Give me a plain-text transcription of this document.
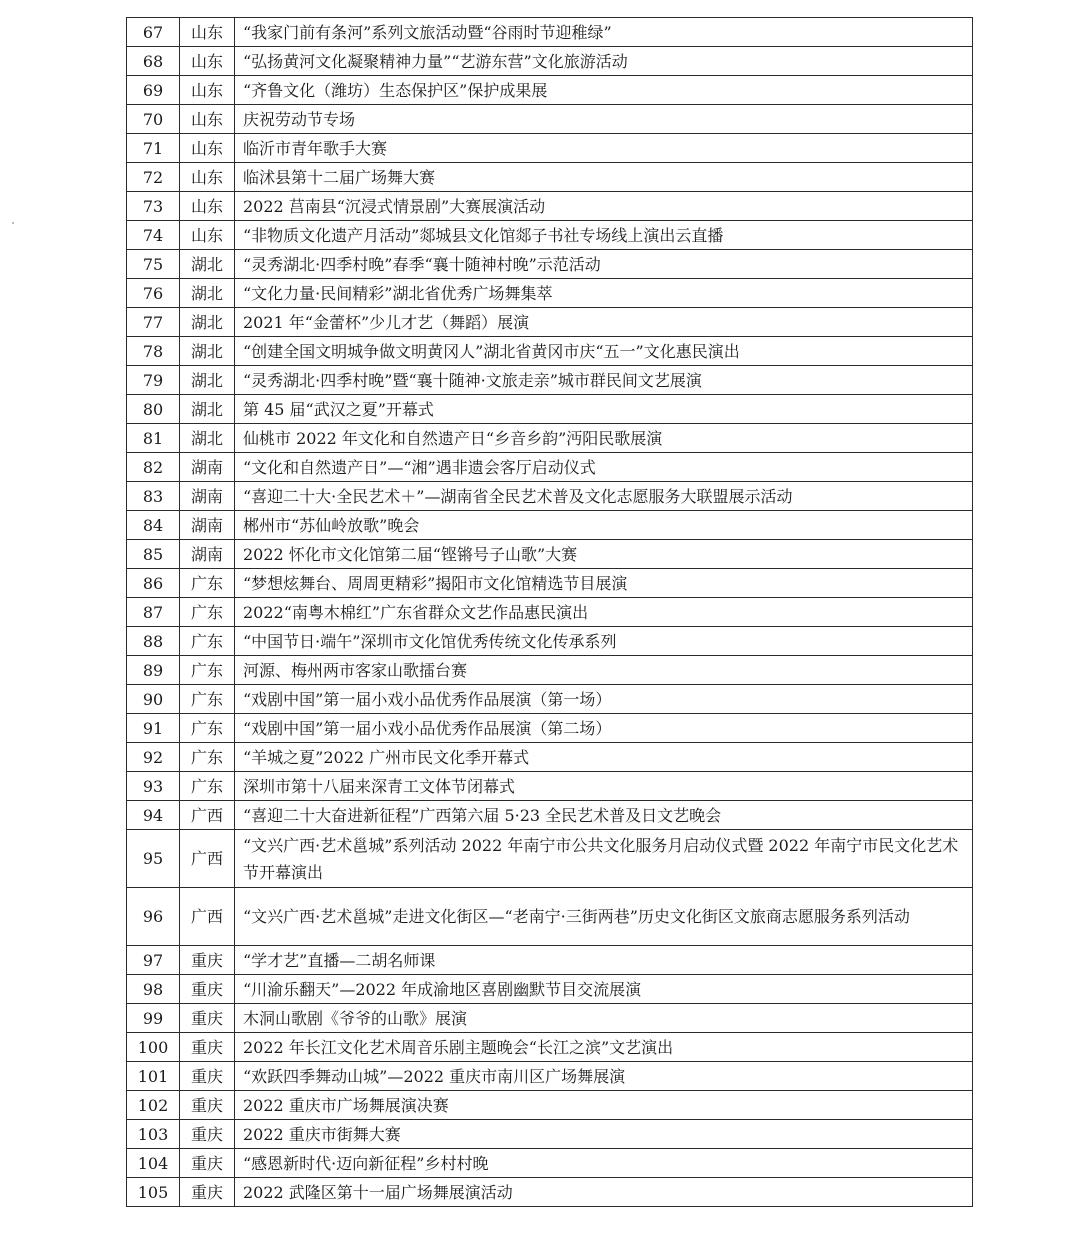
67	山东	“我家门前有条河”系列文旅活动暨“谷雨时节迎稚绿”
68	山东	“弘扬黄河文化凝聚精神力量”“艺游东营”文化旅游活动
69	山东	“齐鲁文化（潍坊）生态保护区”保护成果展
70	山东	庆祝劳动节专场
71	山东	临沂市青年歌手大赛
72	山东	临沭县第十二届广场舞大赛
73	山东	2022 莒南县“沉浸式情景剧”大赛展演活动
74	山东	“非物质文化遗产月活动”郯城县文化馆郯子书社专场线上演出云直播
75	湖北	“灵秀湖北·四季村晚”春季“襄十随神村晚”示范活动
76	湖北	“文化力量·民间精彩”湖北省优秀广场舞集萃
77	湖北	2021 年“金蕾杯”少儿才艺（舞蹈）展演
78	湖北	“创建全国文明城争做文明黄冈人”湖北省黄冈市庆“五一”文化惠民演出
79	湖北	“灵秀湖北·四季村晚”暨“襄十随神·文旅走亲”城市群民间文艺展演
80	湖北	第 45 届“武汉之夏”开幕式
81	湖北	仙桃市 2022 年文化和自然遗产日“乡音乡韵”沔阳民歌展演
82	湖南	“文化和自然遗产日”—“湘”遇非遗会客厅启动仪式
83	湖南	“喜迎二十大·全民艺术＋”—湖南省全民艺术普及文化志愿服务大联盟展示活动
84	湖南	郴州市“苏仙岭放歌”晚会
85	湖南	2022 怀化市文化馆第二届“铿锵号子山歌”大赛
86	广东	“梦想炫舞台、周周更精彩”揭阳市文化馆精选节目展演
87	广东	2022“南粤木棉红”广东省群众文艺作品惠民演出
88	广东	“中国节日·端午”深圳市文化馆优秀传统文化传承系列
89	广东	河源、梅州两市客家山歌擂台赛
90	广东	“戏剧中国”第一届小戏小品优秀作品展演（第一场）
91	广东	“戏剧中国”第一届小戏小品优秀作品展演（第二场）
92	广东	“羊城之夏”2022 广州市民文化季开幕式
93	广东	深圳市第十八届来深青工文体节闭幕式
94	广西	“喜迎二十大奋进新征程”广西第六届 5·23 全民艺术普及日文艺晚会
95	广西	“文兴广西·艺术邕城”系列活动 2022 年南宁市公共文化服务月启动仪式暨 2022 年南宁市民文化艺术节开幕演出
96	广西	“文兴广西·艺术邕城”走进文化街区—“老南宁·三街两巷”历史文化街区文旅商志愿服务系列活动
97	重庆	“学才艺”直播—二胡名师课
98	重庆	“川渝乐翻天”—2022 年成渝地区喜剧幽默节目交流展演
99	重庆	木洞山歌剧《爷爷的山歌》展演
100	重庆	2022 年长江文化艺术周音乐剧主题晚会“长江之滨”文艺演出
101	重庆	“欢跃四季舞动山城”—2022 重庆市南川区广场舞展演
102	重庆	2022 重庆市广场舞展演决赛
103	重庆	2022 重庆市街舞大赛
104	重庆	“感恩新时代·迈向新征程”乡村村晚
105	重庆	2022 武隆区第十一届广场舞展演活动
